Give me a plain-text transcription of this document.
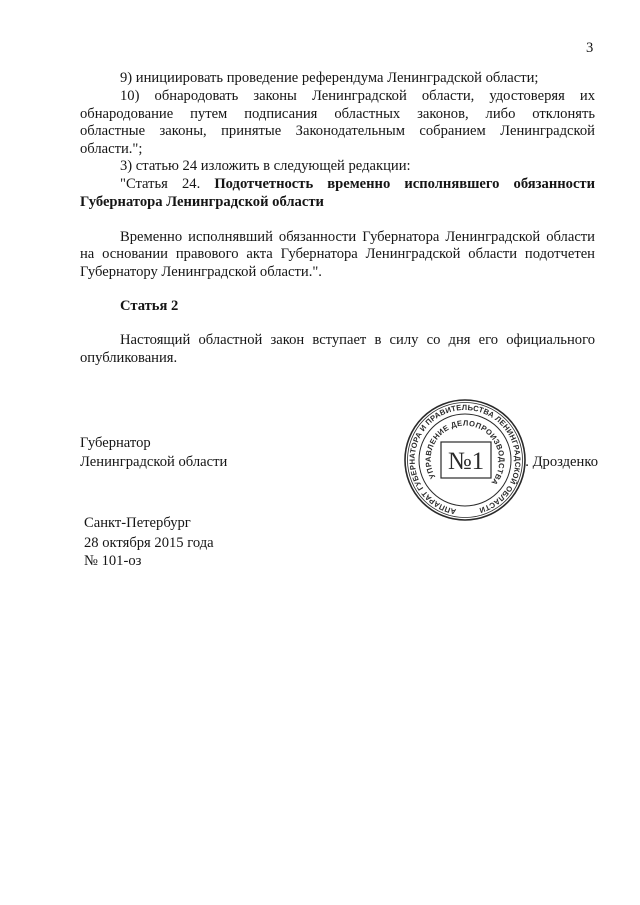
3
9) инициировать проведение референдума Ленинградской области;
10) обнародовать законы Ленинградской области, удостоверяя их
обнародование путем подписания областных законов, либо отклонять
областные законы, принятые Законодательным собранием Ленинградской
области.";
3) статью 24 изложить в следующей редакции:
"Статья 24. Подотчетность временно исполнявшего обязанности
Губернатора Ленинградской области
Временно исполнявший обязанности Губернатора Ленинградской области
на основании правового акта Губернатора Ленинградской области подотчетен
Губернатору Ленинградской области.".
Статья 2
Настоящий областной закон вступает в силу со дня его официального
опубликования.
Губернатор
Ленинградской области	. Дрозденко
АППАРАТ ГУБЕРНАТОРА И ПРАВИТЕЛЬСТВА ЛЕНИНГРАДСКОЙ ОБЛАСТИ
УПРАВЛЕНИЕ ДЕЛОПРОИЗВОДСТВА
№1
Санкт-Петербург
28 октября 2015 года
№ 101-оз
